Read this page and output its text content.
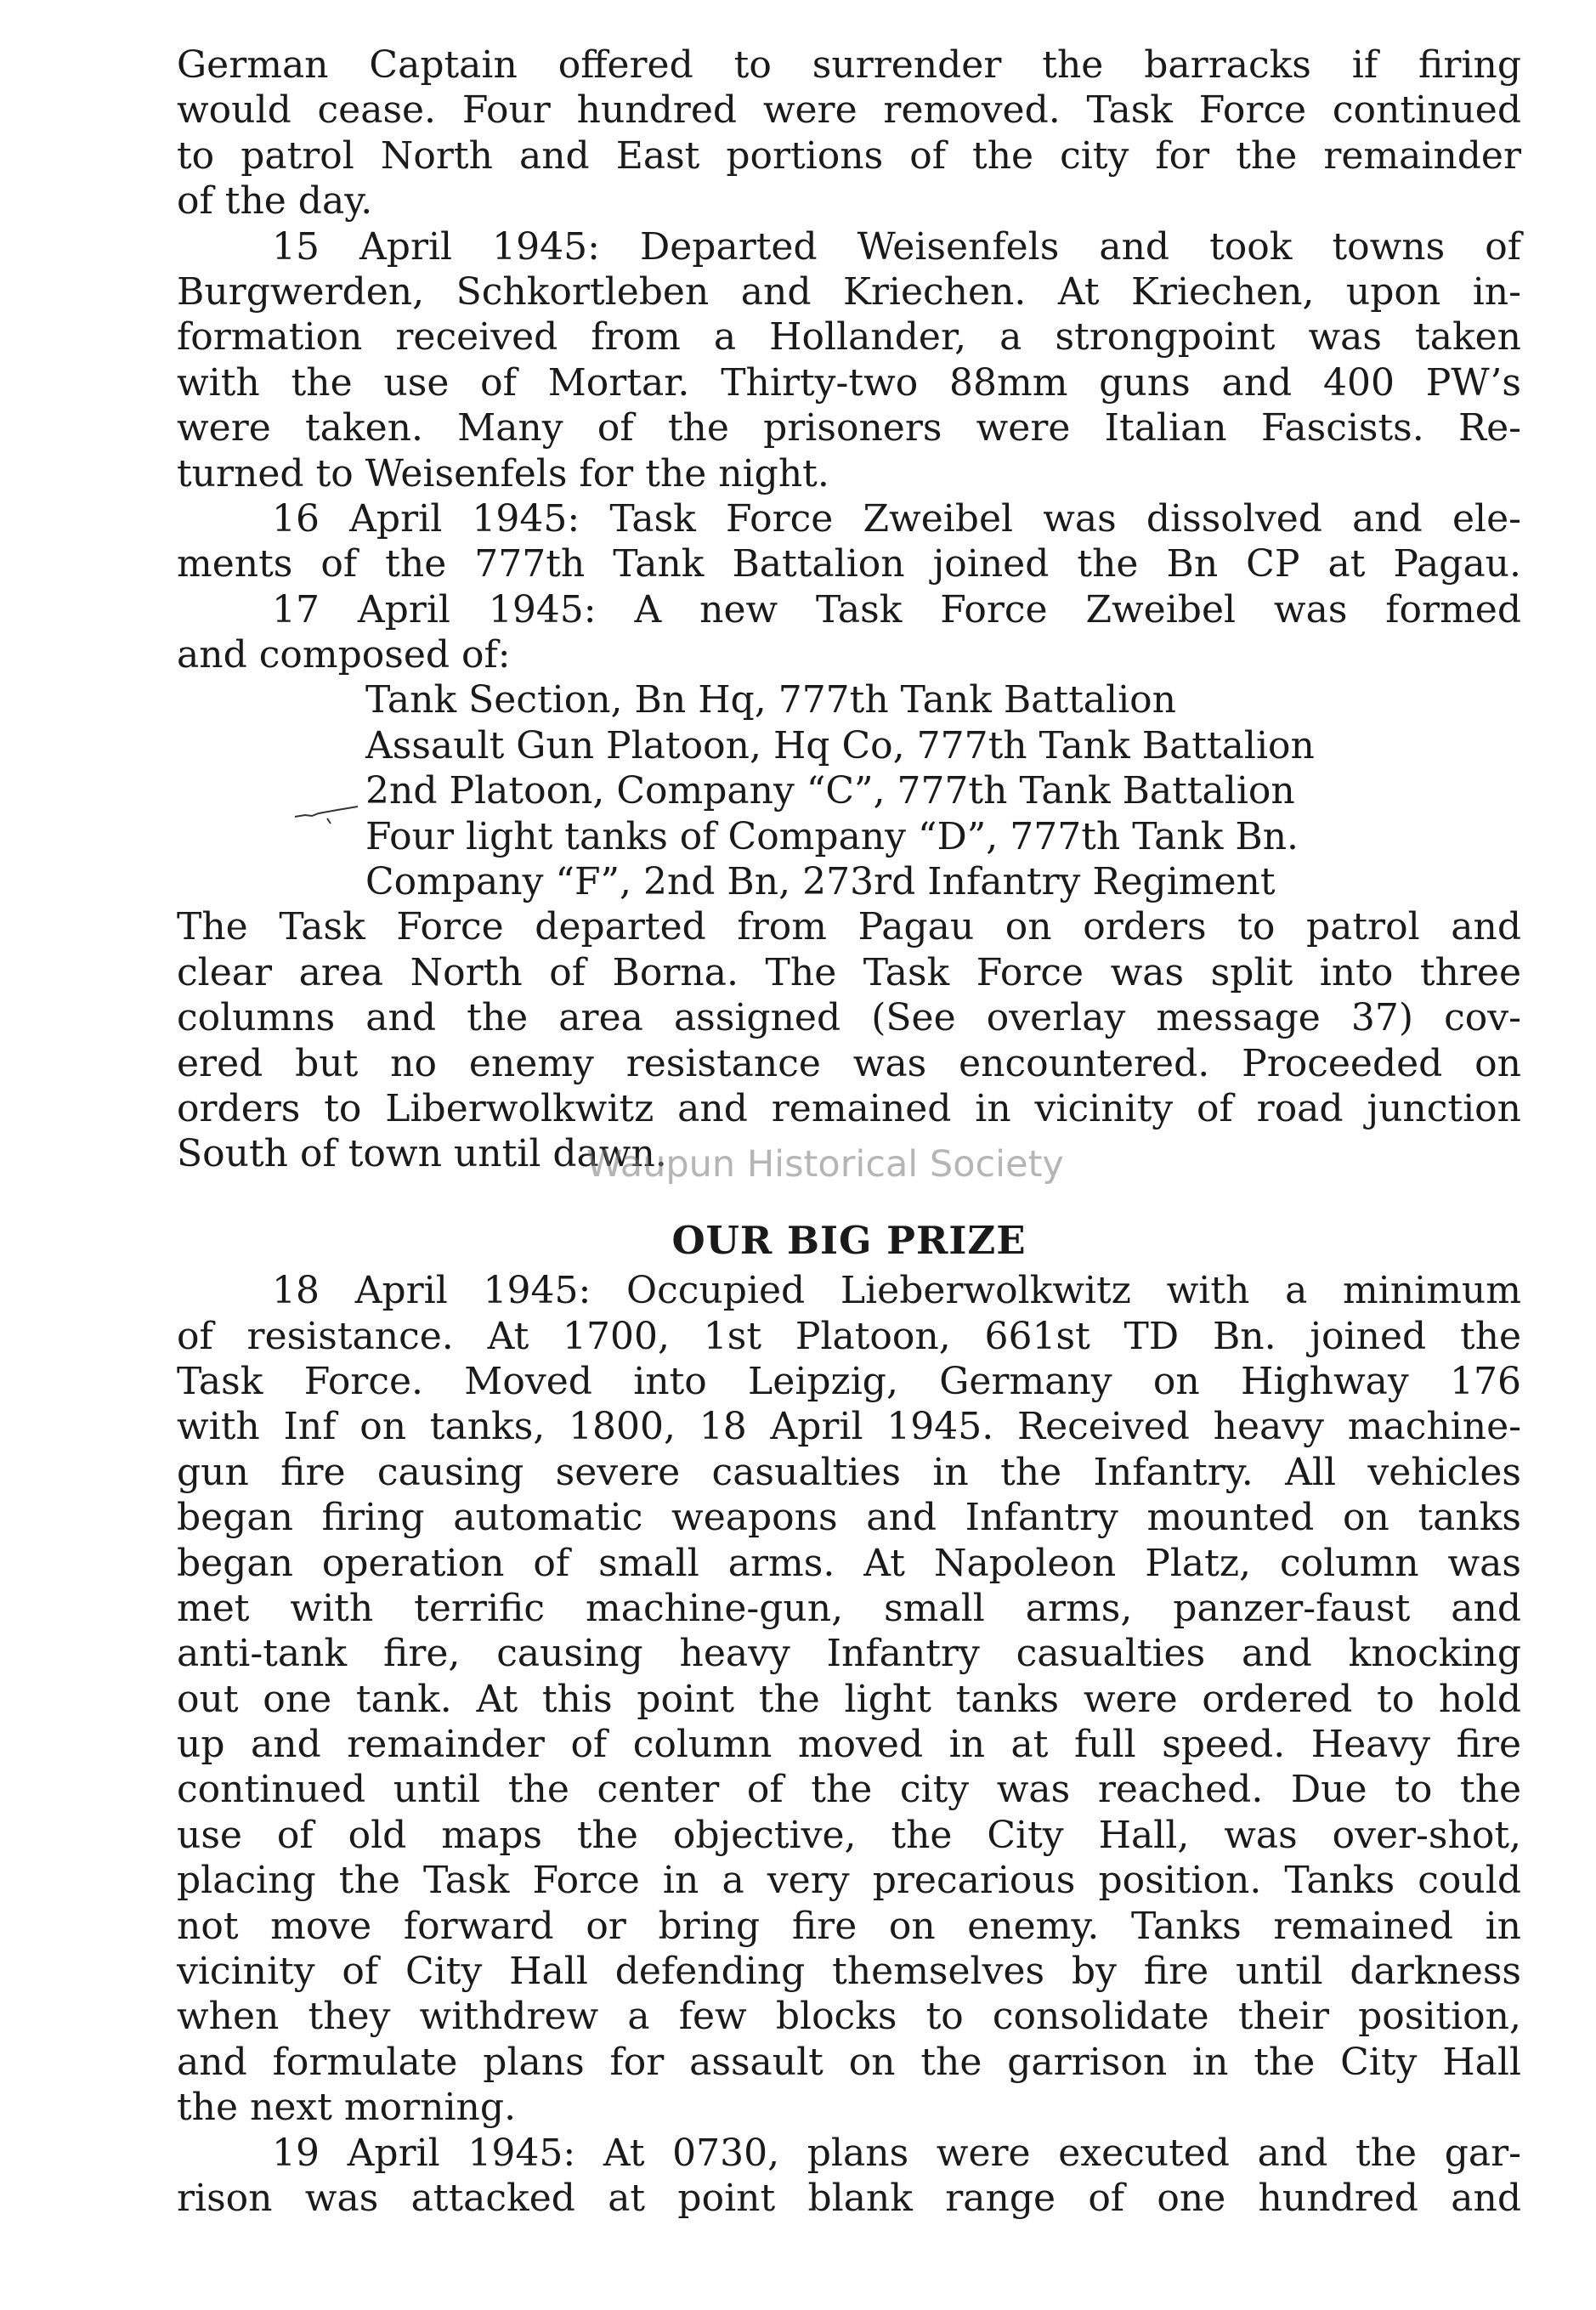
German Captain offered to surrender the barracks if firing
would cease. Four hundred were removed. Task Force continued
to patrol North and East portions of the city for the remainder
of the day.
15 April 1945: Departed Weisenfels and took towns of
Burgwerden, Schkortleben and Kriechen. At Kriechen, upon in-
formation received from a Hollander, a strongpoint was taken
with the use of Mortar. Thirty-two 88mm guns and 400 PW’s
were taken. Many of the prisoners were Italian Fascists. Re-
turned to Weisenfels for the night.
16 April 1945: Task Force Zweibel was dissolved and ele-
ments of the 777th Tank Battalion joined the Bn CP at Pagau.
17 April 1945: A new Task Force Zweibel was formed
and composed of:
Tank Section, Bn Hq, 777th Tank Battalion
Assault Gun Platoon, Hq Co, 777th Tank Battalion
2nd Platoon, Company “C”, 777th Tank Battalion
Four light tanks of Company “D”, 777th Tank Bn.
Company “F”, 2nd Bn, 273rd Infantry Regiment
The Task Force departed from Pagau on orders to patrol and
clear area North of Borna. The Task Force was split into three
columns and the area assigned (See overlay message 37) cov-
ered but no enemy resistance was encountered. Proceeded on
orders to Liberwolkwitz and remained in vicinity of road junction
South of town until dawn.
OUR BIG PRIZE
18 April 1945: Occupied Lieberwolkwitz with a minimum
of resistance. At 1700, 1st Platoon, 661st TD Bn. joined the
Task Force. Moved into Leipzig, Germany on Highway 176
with Inf on tanks, 1800, 18 April 1945. Received heavy machine-
gun fire causing severe casualties in the Infantry. All vehicles
began firing automatic weapons and Infantry mounted on tanks
began operation of small arms. At Napoleon Platz, column was
met with terrific machine-gun, small arms, panzer-faust and
anti-tank fire, causing heavy Infantry casualties and knocking
out one tank. At this point the light tanks were ordered to hold
up and remainder of column moved in at full speed. Heavy fire
continued until the center of the city was reached. Due to the
use of old maps the objective, the City Hall, was over-shot,
placing the Task Force in a very precarious position. Tanks could
not move forward or bring fire on enemy. Tanks remained in
vicinity of City Hall defending themselves by fire until darkness
when they withdrew a few blocks to consolidate their position,
and formulate plans for assault on the garrison in the City Hall
the next morning.
19 April 1945: At 0730, plans were executed and the gar-
rison was attacked at point blank range of one hundred and
Waupun Historical Society
